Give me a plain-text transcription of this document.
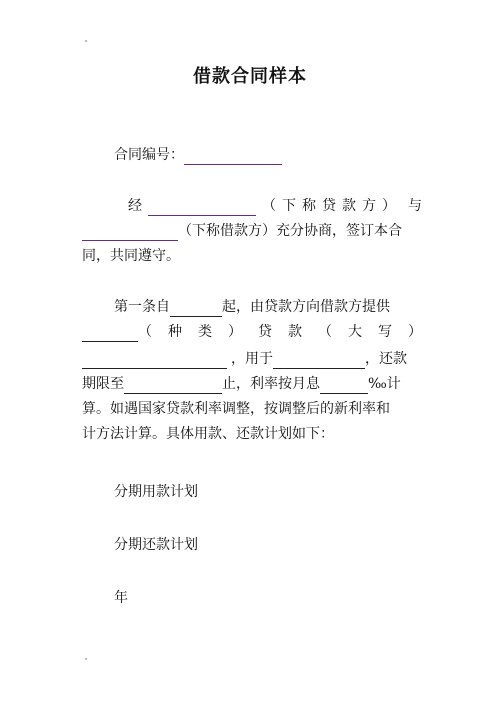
借款合同样本
合同编号：
经	（下称贷款方） 与
（下称借款方）充分协商，签订本合
同，共同遵守。
第一条自	起，由贷款方向借款方提供
（种类）贷款（大写）
，用于	，还款
期限至	止，利率按月息	‰计
算。如遇国家贷款利率调整，按调整后的新利率和
计方法计算。具体用款、还款计划如下：
分期用款计划
分期还款计划
年
